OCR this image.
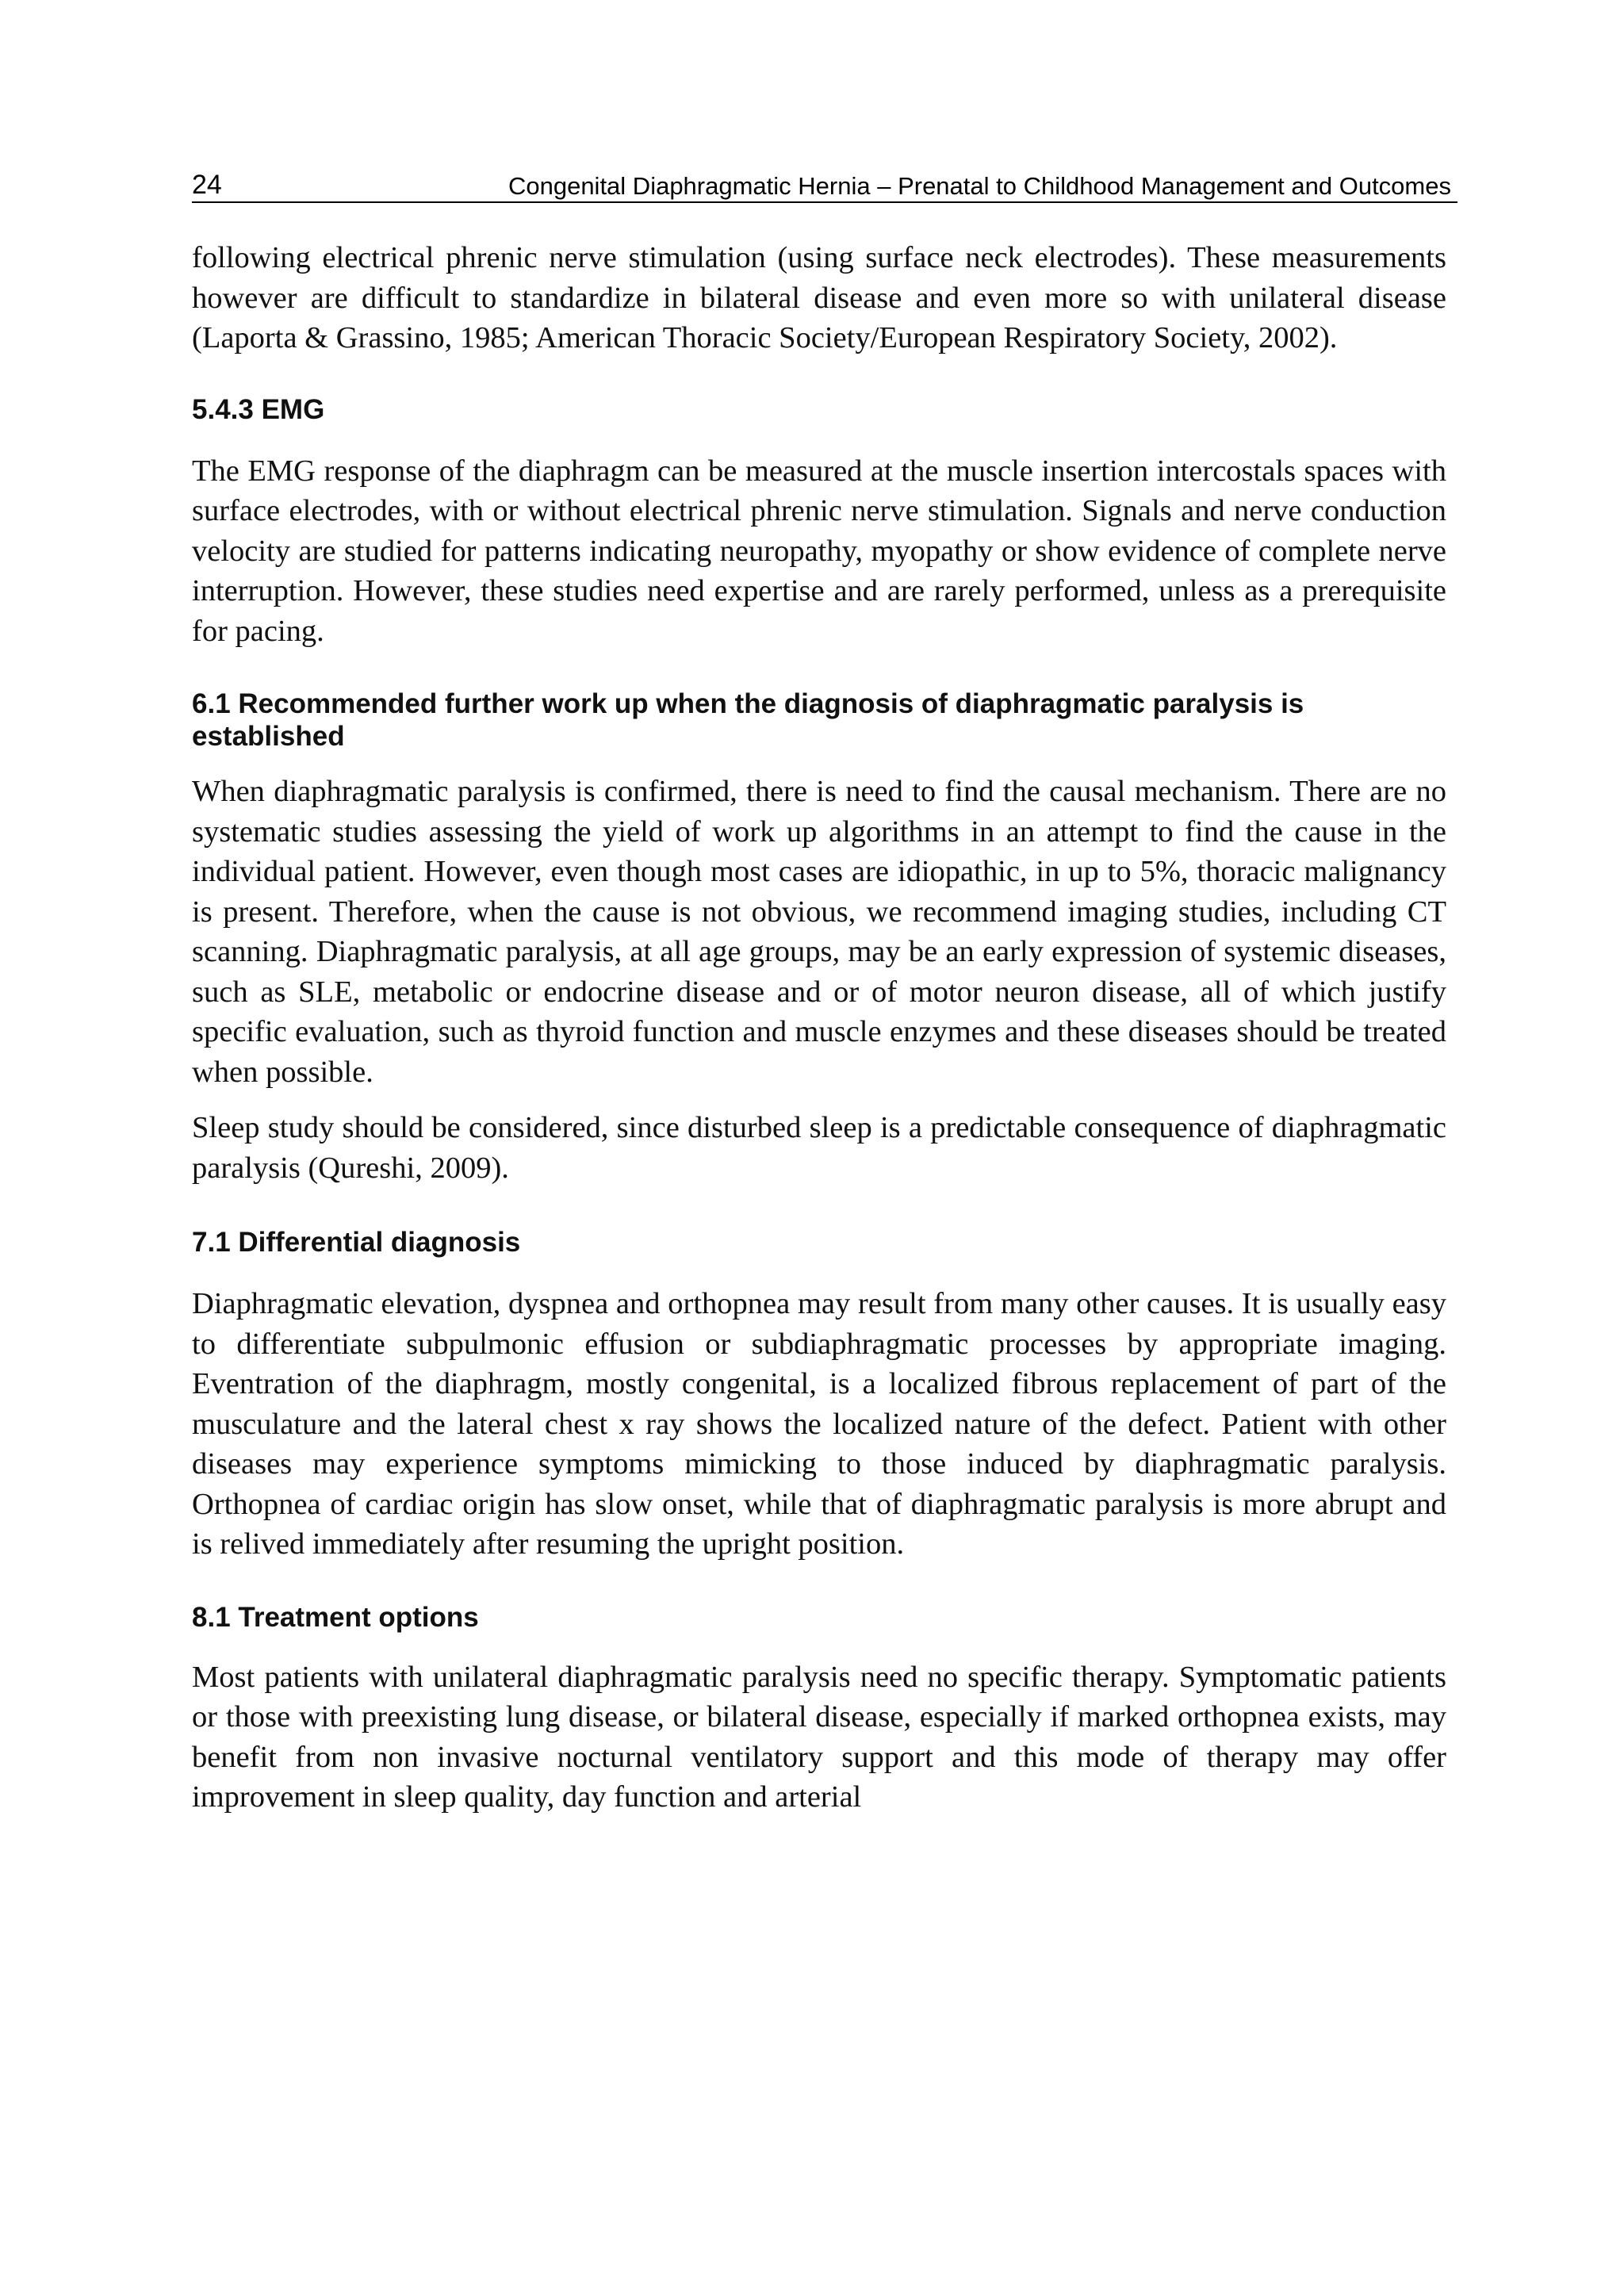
24	Congenital Diaphragmatic Hernia – Prenatal to Childhood Management and Outcomes

following electrical phrenic nerve stimulation (using surface neck electrodes). These measurements however are difficult to standardize in bilateral disease and even more so with unilateral disease (Laporta & Grassino, 1985; American Thoracic Society/European Respiratory Society, 2002).

5.4.3 EMG

The EMG response of the diaphragm can be measured at the muscle insertion intercostals spaces with surface electrodes, with or without electrical phrenic nerve stimulation. Signals and nerve conduction velocity are studied for patterns indicating neuropathy, myopathy or show evidence of complete nerve interruption. However, these studies need expertise and are rarely performed, unless as a prerequisite for pacing.

6.1 Recommended further work up when the diagnosis of diaphragmatic paralysis is established

When diaphragmatic paralysis is confirmed, there is need to find the causal mechanism. There are no systematic studies assessing the yield of work up algorithms in an attempt to find the cause in the individual patient. However, even though most cases are idiopathic, in up to 5%, thoracic malignancy is present. Therefore, when the cause is not obvious, we recommend imaging studies, including CT scanning. Diaphragmatic paralysis, at all age groups, may be an early expression of systemic diseases, such as SLE, metabolic or endocrine disease and or of motor neuron disease, all of which justify specific evaluation, such as thyroid function and muscle enzymes and these diseases should be treated when possible.

Sleep study should be considered, since disturbed sleep is a predictable consequence of diaphragmatic paralysis (Qureshi, 2009).

7.1 Differential diagnosis

Diaphragmatic elevation, dyspnea and orthopnea may result from many other causes. It is usually easy to differentiate subpulmonic effusion or subdiaphragmatic processes by appropriate imaging. Eventration of the diaphragm, mostly congenital, is a localized fibrous replacement of part of the musculature and the lateral chest x ray shows the localized nature of the defect. Patient with other diseases may experience symptoms mimicking to those induced by diaphragmatic paralysis. Orthopnea of cardiac origin has slow onset, while that of diaphragmatic paralysis is more abrupt and is relived immediately after resuming the upright position.

8.1 Treatment options

Most patients with unilateral diaphragmatic paralysis need no specific therapy. Symptomatic patients or those with preexisting lung disease, or bilateral disease, especially if marked orthopnea exists, may benefit from non invasive nocturnal ventilatory support and this mode of therapy may offer improvement in sleep quality, day function and arterial
